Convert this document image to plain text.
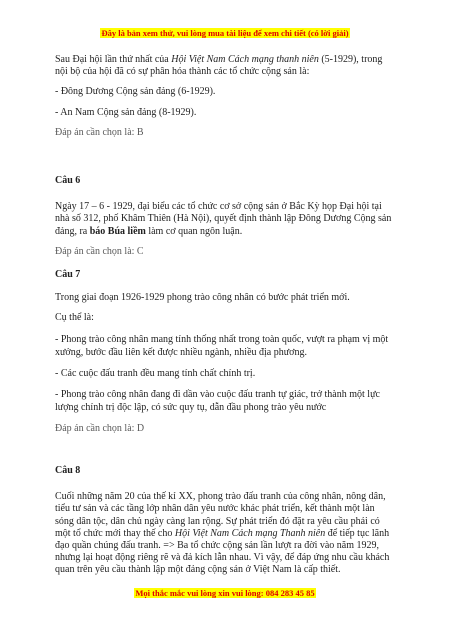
Đây là bản xem thử, vui lòng mua tài liệu để xem chi tiết (có lời giải)

Sau Đại hội lần thứ nhất của Hội Việt Nam Cách mạng thanh niên (5-1929), trong nội bộ của hội đã có sự phân hóa thành các tổ chức cộng sản là:

- Đông Dương Cộng sản đảng (6-1929).

- An Nam Cộng sản đảng (8-1929).

Đáp án cần chọn là: B

Câu 6

Ngày 17 – 6 - 1929, đại biểu các tổ chức cơ sở cộng sản ở Bắc Kỳ họp Đại hội tại nhà số 312, phố Khâm Thiên (Hà Nội), quyết định thành lập Đông Dương Cộng sản đảng, ra báo Búa liềm làm cơ quan ngôn luận.

Đáp án cần chọn là: C

Câu 7

Trong giai đoạn 1926-1929 phong trào công nhân có bước phát triển mới.

Cụ thể là:

- Phong trào công nhân mang tính thống nhất trong toàn quốc, vượt ra phạm vị một xưởng, bước đầu liên kết được nhiều ngành, nhiều địa phương.

- Các cuộc đấu tranh đều mang tính chất chính trị.

- Phong trào công nhân đang đi dần vào cuộc đấu tranh tự giác, trở thành một lực lượng chính trị độc lập, có sức quy tụ, dẫn đầu phong trào yêu nước

Đáp án cần chọn là: D

Câu 8

Cuối những năm 20 của thế kỉ XX, phong trào đấu tranh của công nhân, nông dân, tiểu tư sản và các tầng lớp nhân dân yêu nước khác phát triển, kết thành một làn sóng dân tộc, dân chủ ngày càng lan rộng. Sự phát triển đó đặt ra yêu cầu phải có một tổ chức mới thay thế cho Hội Việt Nam Cách mạng Thanh niên để tiếp tục lãnh đạo quần chúng đấu tranh. => Ba tổ chức cộng sản lần lượt ra đời vào năm 1929, nhưng lại hoạt động riêng rẽ và đả kích lẫn nhau. Vì vậy, để đáp ứng nhu cầu khách quan trên yêu cầu thành lập một đảng cộng sản ở Việt Nam là cấp thiết.

Mọi thắc mắc vui lòng xin vui lòng: 084 283 45 85
